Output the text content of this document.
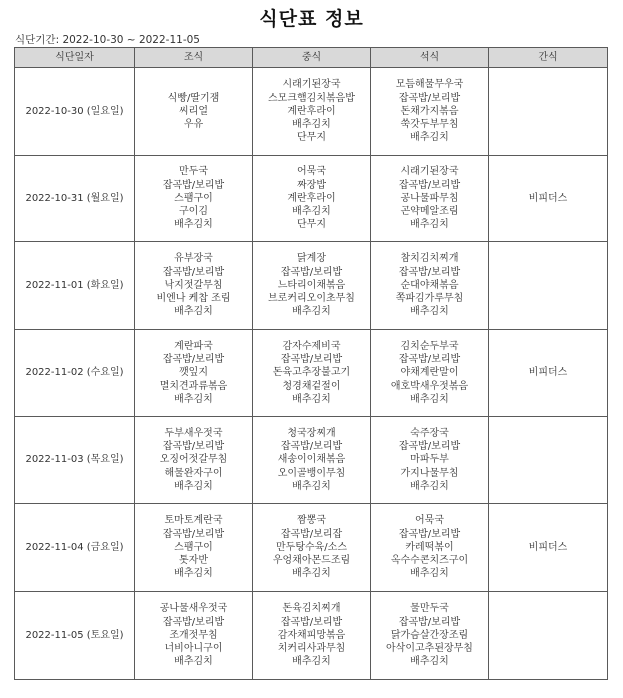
식단표 정보
식단기간: 2022-10-30 ~ 2022-11-05
식단일자	조식	중식	석식	간식
2022-10-30 (일요일)	식빵/딸기잼
씨리얼
우유	시래기된장국
스모크햄김치볶음밥
계란후라이
배추김치
단무지	모듬해물무우국
잡곡밥/보리밥
돈채가지볶음
쑥갓두부무침
배추김치	

2022-10-31 (월요일)	만두국
잡곡밥/보리밥
스팸구이
구이김
배추김치	어묵국
짜장밥
계란후라이
배추김치
단무지	시래기된장국
잡곡밥/보리밥
공나물파무침
곤약메알조림
배추김치	비피더스
2022-11-01 (화요일)	유부장국
잡곡밥/보리밥
낙지젓갈무침
비엔나 케찹 조림
배추김치	닭계장
잡곡밥/보리밥
느타리이채볶음
브로커리오이초무침
배추김치	참치김치찌개
잡곡밥/보리밥
순대야채볶음
쪽파김가루무침
배추김치	

2022-11-02 (수요일)	계란파국
잡곡밥/보리밥
깻잎지
멸치견과류볶음
배추김치	감자수제비국
잡곡밥/보리밥
돈육고추장불고기
청경채겉절이
배추김치	김치순두부국
잡곡밥/보리밥
야채계란말이
애호박새우젓볶음
배추김치	비피더스
2022-11-03 (목요일)	두부새우젓국
잡곡밥/보리밥
오징어젓갈무침
해물완자구이
배추김치	청국장찌개
잡곡밥/보리밥
새송이이채볶음
오이골뱅이무침
배추김치	숙주장국
잡곡밥/보리밥
마파두부
가지나물무침
배추김치	

2022-11-04 (금요일)	토마토계란국
잡곡밥/보리밥
스팸구이
톳자반
배추김치	짬뽕국
잡곡밥/보리잡
만두탕수육/소스
우엉채아몬드조림
배추김치	어묵국
잡곡밥/보리밥
카레떡볶이
옥수수콘치즈구이
배추김치	비피더스
2022-11-05 (토요일)	공나물새우젓국
잡곡밥/보리밥
조개젓무침
너비아니구이
배추김치	돈육김치찌개
잡곡밥/보리밥
감자채피망볶음
치커리사과무침
배추김치	물만두국
잡곡밥/보리밥
닭가슴살간장조림
아삭이고추된장무침
배추김치	
